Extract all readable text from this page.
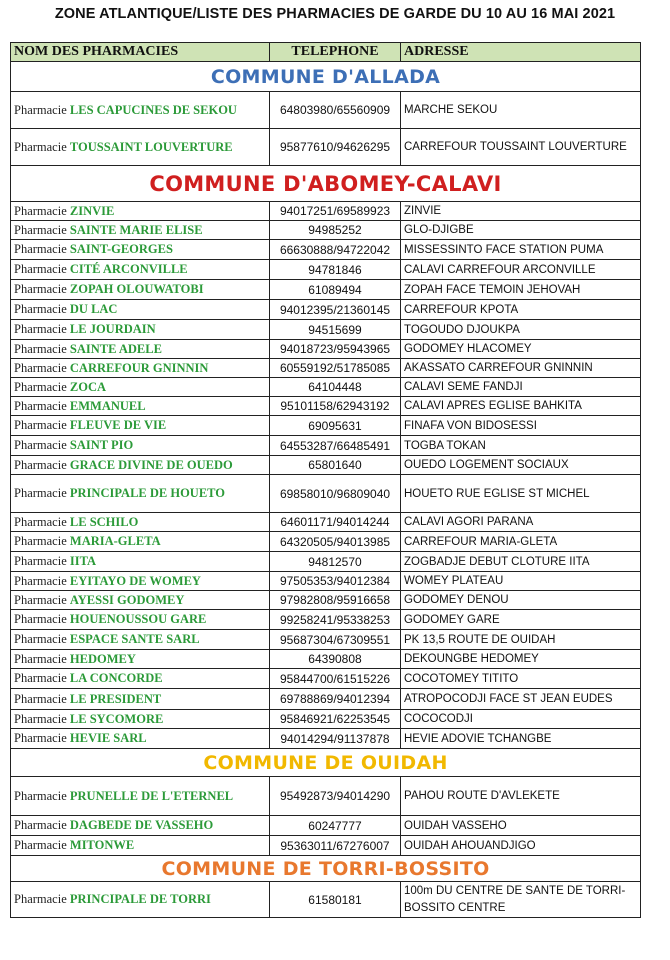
ZONE ATLANTIQUE/LISTE DES PHARMACIES DE GARDE DU 10 AU 16 MAI 2021
NOM DES PHARMACIES	TELEPHONE	ADRESSE
COMMUNE D'ALLADA		
Pharmacie LES CAPUCINES DE SEKOU	64803980/65560909	MARCHE SEKOU
Pharmacie TOUSSAINT LOUVERTURE	95877610/94626295	CARREFOUR TOUSSAINT LOUVERTURE
COMMUNE D'ABOMEY-CALAVI		
Pharmacie ZINVIE	94017251/69589923	ZINVIE
Pharmacie SAINTE MARIE ELISE	94985252	GLO-DJIGBE
Pharmacie SAINT-GEORGES	66630888/94722042	MISSESSINTO FACE STATION PUMA
Pharmacie CITÉ ARCONVILLE	94781846	CALAVI CARREFOUR ARCONVILLE
Pharmacie ZOPAH OLOUWATOBI	61089494	ZOPAH FACE TEMOIN JEHOVAH
Pharmacie DU LAC	94012395/21360145	CARREFOUR KPOTA
Pharmacie LE JOURDAIN	94515699	TOGOUDO DJOUKPA
Pharmacie SAINTE ADELE	94018723/95943965	GODOMEY HLACOMEY
Pharmacie CARREFOUR GNINNIN	60559192/51785085	AKASSATO CARREFOUR GNINNIN
Pharmacie ZOCA	64104448	CALAVI SEME FANDJI
Pharmacie EMMANUEL	95101158/62943192	CALAVI APRES EGLISE BAHKITA
Pharmacie FLEUVE DE VIE	69095631	FINAFA VON BIDOSESSI
Pharmacie SAINT PIO	64553287/66485491	TOGBA TOKAN
Pharmacie GRACE DIVINE DE OUEDO	65801640	OUEDO LOGEMENT SOCIAUX
Pharmacie PRINCIPALE DE HOUETO	69858010/96809040	HOUETO RUE EGLISE ST MICHEL
Pharmacie LE SCHILO	64601171/94014244	CALAVI AGORI PARANA
Pharmacie MARIA-GLETA	64320505/94013985	CARREFOUR MARIA-GLETA
Pharmacie IITA	94812570	ZOGBADJE DEBUT CLOTURE IITA
Pharmacie EYITAYO DE WOMEY	97505353/94012384	WOMEY PLATEAU
Pharmacie AYESSI GODOMEY	97982808/95916658	GODOMEY DENOU
Pharmacie HOUENOUSSOU GARE	99258241/95338253	GODOMEY GARE
Pharmacie ESPACE SANTE SARL	95687304/67309551	PK 13,5 ROUTE DE OUIDAH
Pharmacie HEDOMEY	64390808	DEKOUNGBE HEDOMEY
Pharmacie LA CONCORDE	95844700/61515226	COCOTOMEY TITITO
Pharmacie LE PRESIDENT	69788869/94012394	ATROPOCODJI FACE ST JEAN EUDES
Pharmacie LE SYCOMORE	95846921/62253545	COCOCODJI
Pharmacie HEVIE SARL	94014294/91137878	HEVIE ADOVIE TCHANGBE
COMMUNE DE OUIDAH		
Pharmacie PRUNELLE DE L'ETERNEL	95492873/94014290	PAHOU ROUTE D'AVLEKETE
Pharmacie DAGBEDE DE VASSEHO	60247777	OUIDAH VASSEHO
Pharmacie MITONWE	95363011/67276007	OUIDAH AHOUANDJIGO
COMMUNE DE TORRI-BOSSITO		
Pharmacie PRINCIPALE DE TORRI	61580181	100m DU CENTRE DE SANTE DE TORRI-BOSSITO CENTRE
